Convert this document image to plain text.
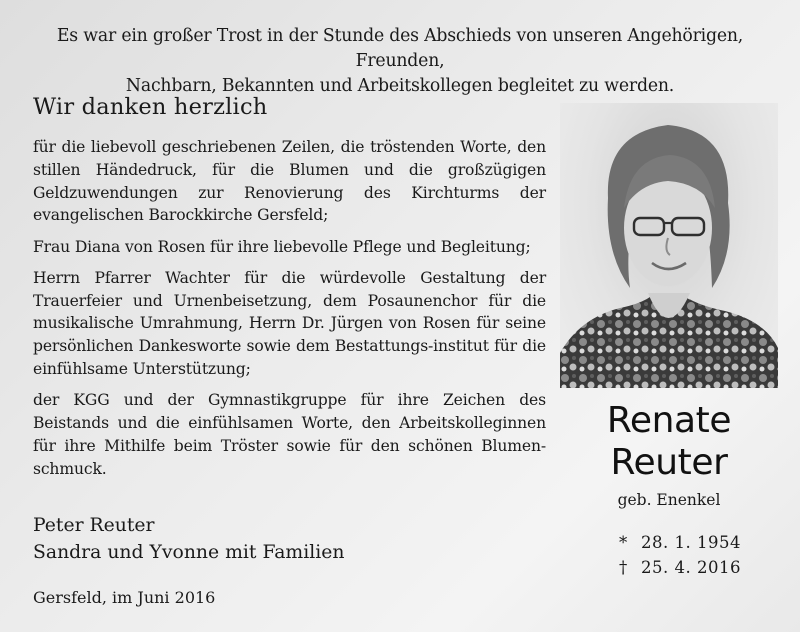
Es war ein großer Trost in der Stunde des Abschieds von unseren Angehörigen, Freunden,

Nachbarn, Bekannten und Arbeitskollegen begleitet zu werden.

Wir danken herzlich

für die liebevoll geschriebenen Zeilen, die tröstenden Worte, den stillen Händedruck, für die Blumen und die großzügigen Geldzuwendungen zur Renovierung des Kirchturms der evangelischen Barockkirche Gersfeld;

Frau Diana von Rosen für ihre liebevolle Pflege und Begleitung;

Herrn Pfarrer Wachter für die würdevolle Gestaltung der Trauerfeier und Urnenbeisetzung, dem Posaunenchor für die musikalische Umrahmung, Herrn Dr. Jürgen von Rosen für seine persönlichen Dankesworte sowie dem Bestattungs-institut für die einfühlsame Unterstützung;

der KGG und der Gymnastikgruppe für ihre Zeichen des Beistands und die einfühlsamen Worte, den Arbeitskolleginnen für ihre Mithilfe beim Tröster sowie für den schönen Blumen-schmuck.

Peter Reuter
Sandra und Yvonne mit Familien
Gersfeld, im Juni 2016
Renate
Reuter
geb. Enenkel
* 28. 1. 1954
† 25. 4. 2016
